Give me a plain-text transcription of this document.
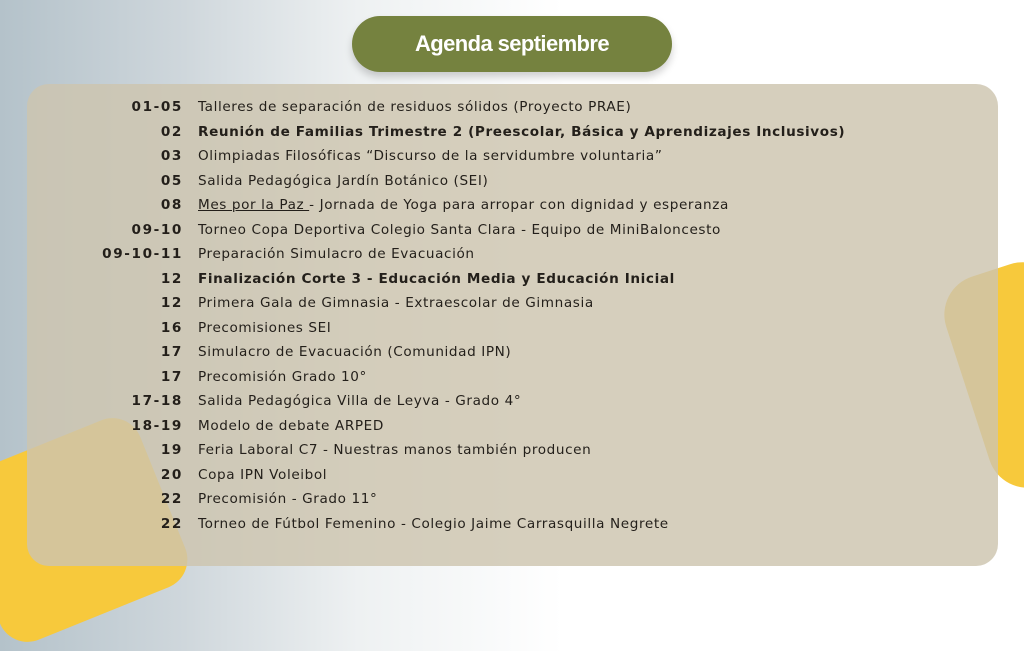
Agenda septiembre
01-05 Talleres de separación de residuos sólidos (Proyecto PRAE)
02 Reunión de Familias Trimestre 2 (Preescolar, Básica y Aprendizajes Inclusivos)
03 Olimpiadas Filosóficas “Discurso de la servidumbre voluntaria”
05 Salida Pedagógica Jardín Botánico (SEI)
08 Mes por la Paz - Jornada de Yoga para arropar con dignidad y esperanza
09-10 Torneo Copa Deportiva Colegio Santa Clara - Equipo de MiniBaloncesto
09-10-11 Preparación Simulacro de Evacuación
12 Finalización Corte 3 - Educación Media y Educación Inicial
12 Primera Gala de Gimnasia - Extraescolar de Gimnasia
16 Precomisiones SEI
17 Simulacro de Evacuación (Comunidad IPN)
17 Precomisión Grado 10°
17-18 Salida Pedagógica Villa de Leyva - Grado 4°
18-19 Modelo de debate ARPED
19 Feria Laboral C7 - Nuestras manos también producen
20 Copa IPN Voleibol
22 Precomisión - Grado 11°
22 Torneo de Fútbol Femenino - Colegio Jaime Carrasquilla Negrete
